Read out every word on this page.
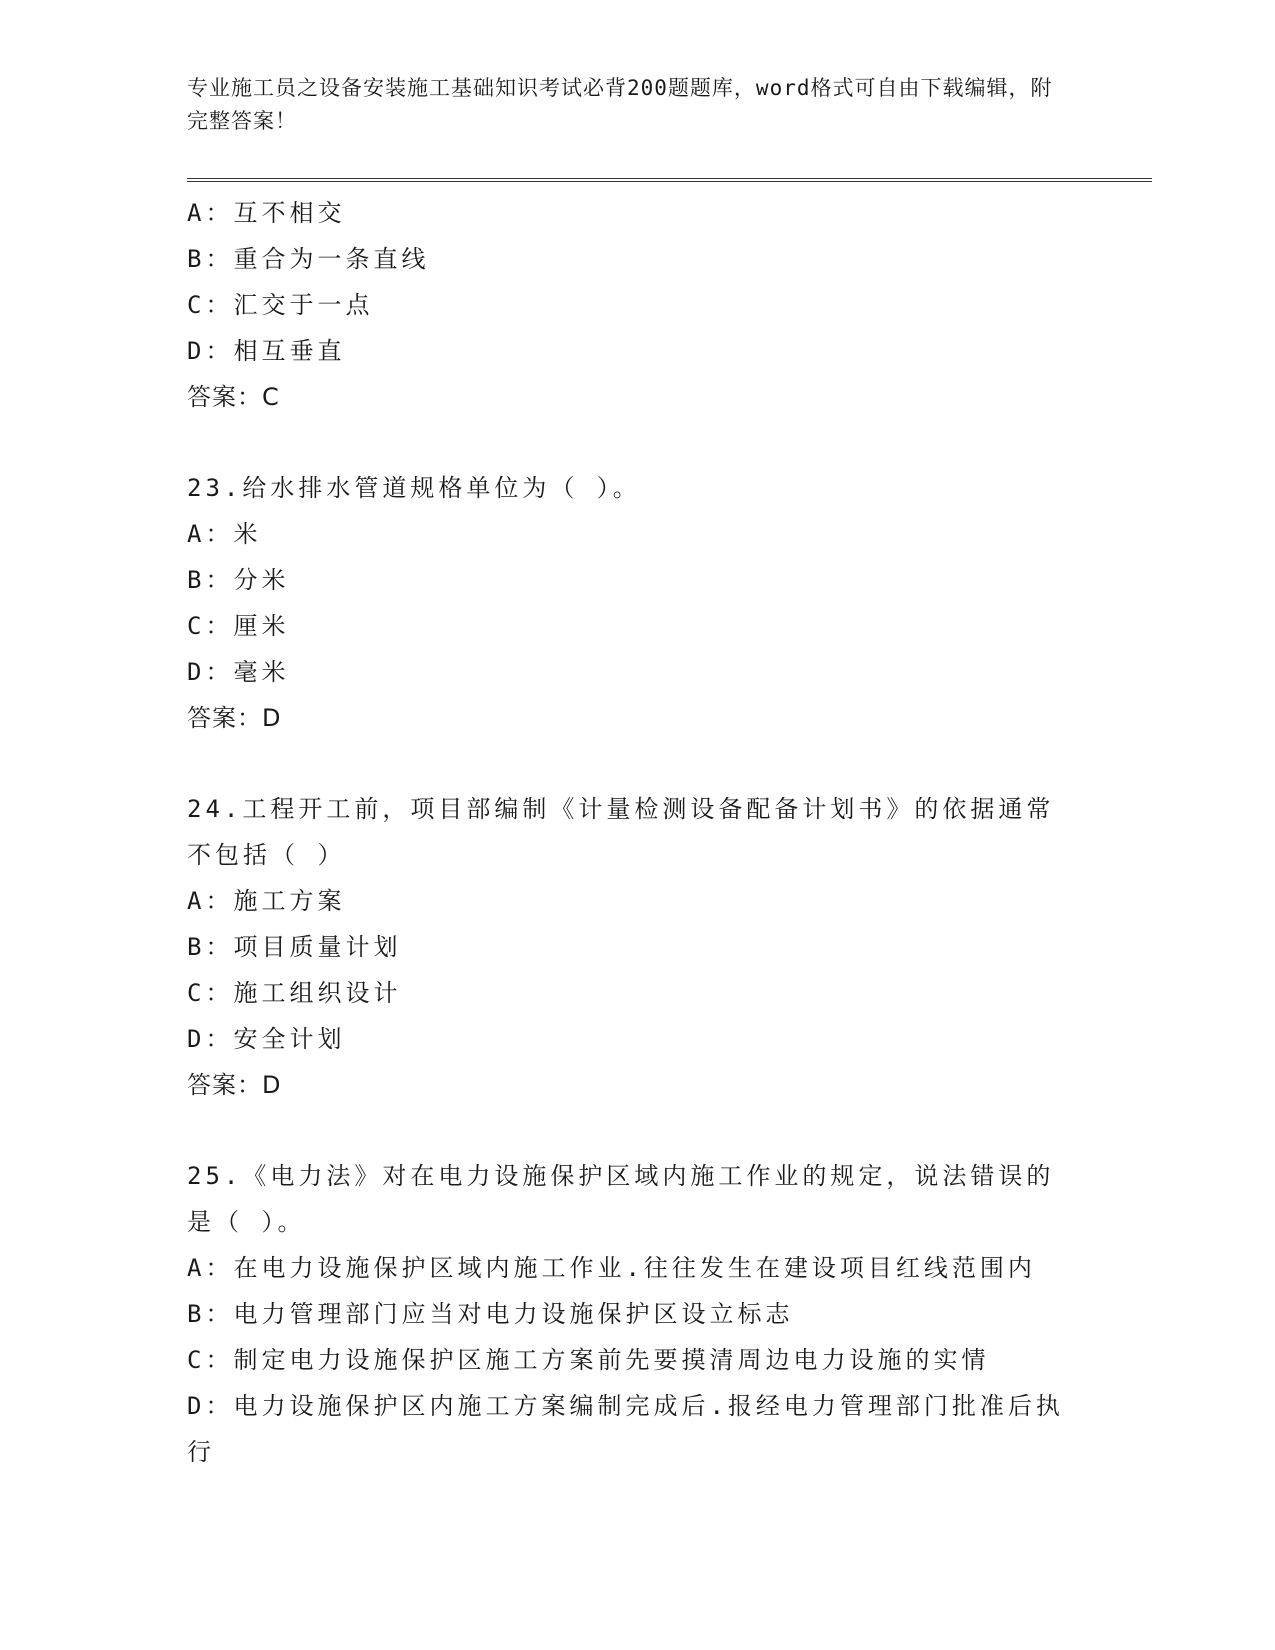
专业施工员之设备安装施工基础知识考试必背200题题库，word格式可自由下载编辑，附完整答案！
A：互不相交
B：重合为一条直线
C：汇交于一点
D：相互垂直
答案：C
23.给水排水管道规格单位为（ ）。
A：米
B：分米
C：厘米
D：毫米
答案：D
24.工程开工前，项目部编制《计量检测设备配备计划书》的依据通常不包括（ ）
A：施工方案
B：项目质量计划
C：施工组织设计
D：安全计划
答案：D
25.《电力法》对在电力设施保护区域内施工作业的规定，说法错误的是（ ）。
A：在电力设施保护区域内施工作业.往往发生在建设项目红线范围内
B：电力管理部门应当对电力设施保护区设立标志
C：制定电力设施保护区施工方案前先要摸清周边电力设施的实情
D：电力设施保护区内施工方案编制完成后.报经电力管理部门批准后执行
